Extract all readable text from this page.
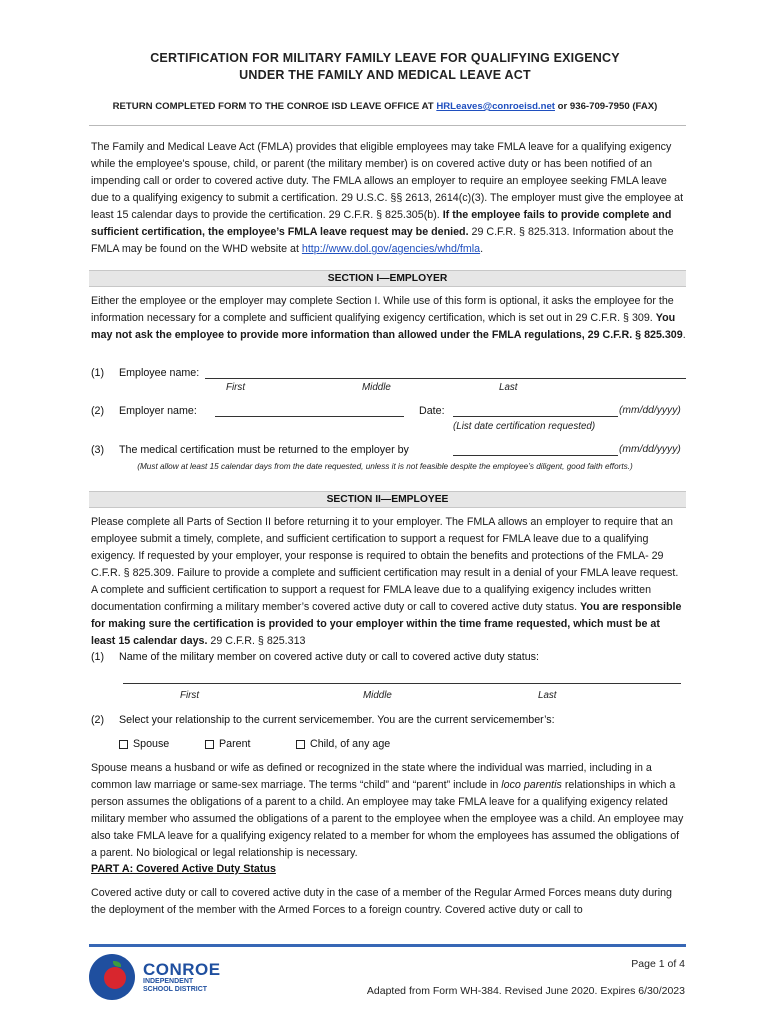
CERTIFICATION FOR MILITARY FAMILY LEAVE FOR QUALIFYING EXIGENCY
UNDER THE FAMILY AND MEDICAL LEAVE ACT
RETURN COMPLETED FORM TO THE CONROE ISD LEAVE OFFICE AT HRLeaves@conroeisd.net or 936-709-7950 (FAX)
The Family and Medical Leave Act (FMLA) provides that eligible employees may take FMLA leave for a qualifying exigency while the employee's spouse, child, or parent (the military member) is on covered active duty or has been notified of an impending call or order to covered active duty. The FMLA allows an employer to require an employee seeking FMLA leave due to a qualifying exigency to submit a certification. 29 U.S.C. §§ 2613, 2614(c)(3). The employer must give the employee at least 15 calendar days to provide the certification. 29 C.F.R. § 825.305(b). If the employee fails to provide complete and sufficient certification, the employee’s FMLA leave request may be denied. 29 C.F.R. § 825.313. Information about the FMLA may be found on the WHD website at http://www.dol.gov/agencies/whd/fmla.
SECTION I—EMPLOYER
Either the employee or the employer may complete Section I. While use of this form is optional, it asks the employee for the information necessary for a complete and sufficient qualifying exigency certification, which is set out in 29 C.F.R. § 309. You may not ask the employee to provide more information than allowed under the FMLA regulations, 29 C.F.R. § 825.309.
(1) Employee name:
First	Middle	Last
(2) Employer name:	Date:	(mm/dd/yyyy)
(List date certification requested)
(3) The medical certification must be returned to the employer by	(mm/dd/yyyy)
(Must allow at least 15 calendar days from the date requested, unless it is not feasible despite the employee’s diligent, good faith efforts.)
SECTION II—EMPLOYEE
Please complete all Parts of Section II before returning it to your employer. The FMLA allows an employer to require that an employee submit a timely, complete, and sufficient certification to support a request for FMLA leave due to a qualifying exigency. If requested by your employer, your response is required to obtain the benefits and protections of the FMLA- 29 C.F.R. § 825.309. Failure to provide a complete and sufficient certification may result in a denial of your FMLA leave request. A complete and sufficient certification to support a request for FMLA leave due to a qualifying exigency includes written documentation confirming a military member’s covered active duty or call to covered active duty status. You are responsible for making sure the certification is provided to your employer within the time frame requested, which must be at least 15 calendar days. 29 C.F.R. § 825.313
(1) Name of the military member on covered active duty or call to covered active duty status:
First	Middle	Last
(2) Select your relationship to the current servicemember. You are the current servicemember’s:
Spouse	Parent	Child, of any age
Spouse means a husband or wife as defined or recognized in the state where the individual was married, including in a common law marriage or same-sex marriage. The terms “child” and “parent” include in loco parentis relationships in which a person assumes the obligations of a parent to a child. An employee may take FMLA leave for a qualifying exigency related military member who assumed the obligations of a parent to the employee when the employee was a child. An employee may also take FMLA leave for a qualifying exigency related to a member for whom the employees has assumed the obligations of a parent. No biological or legal relationship is necessary.
PART A: Covered Active Duty Status
Covered active duty or call to covered active duty in the case of a member of the Regular Armed Forces means duty during the deployment of the member with the Armed Forces to a foreign country. Covered active duty or call to
CONROE
INDEPENDENT
SCHOOL DISTRICT
Page 1 of 4
Adapted from Form WH-384. Revised June 2020. Expires 6/30/2023
